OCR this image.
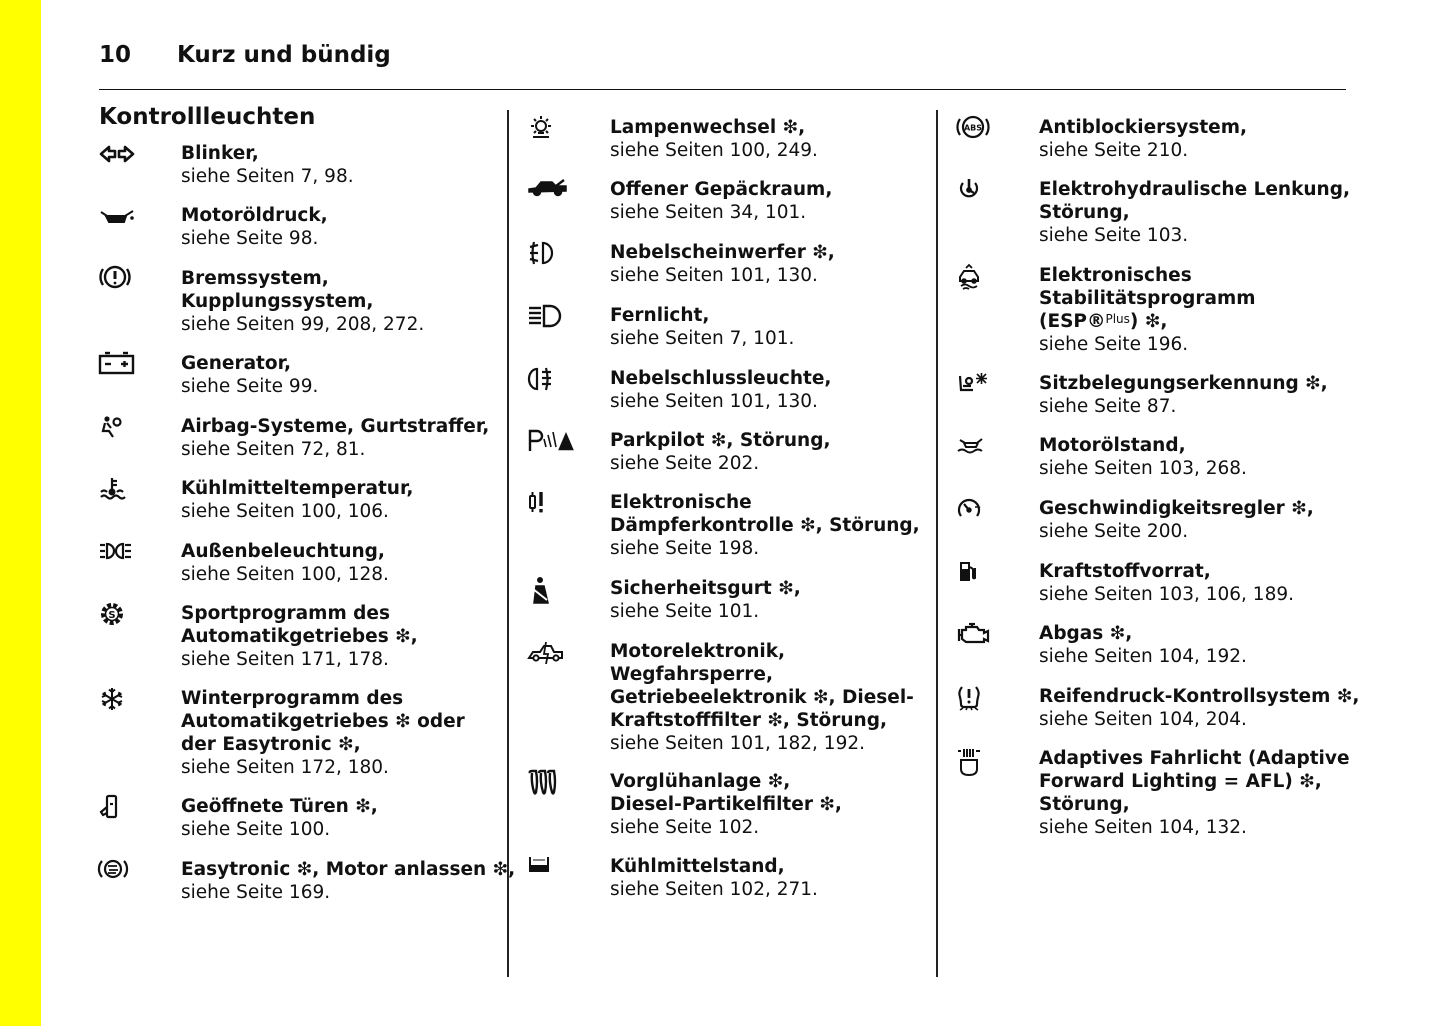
10 Kurz und bündig
Kontrollleuchten
Blinker,
siehe Seiten 7, 98.
Motoröldruck,
siehe Seite 98.
Bremssystem,
Kupplungssystem,
siehe Seiten 99, 208, 272.
Generator,
siehe Seite 99.
Airbag-Systeme, Gurtstraffer,
siehe Seiten 72, 81.
Kühlmitteltemperatur,
siehe Seiten 100, 106.
Außenbeleuchtung,
siehe Seiten 100, 128.
S	Sportprogramm des
Automatikgetriebes ❇,
siehe Seiten 171, 178.
Winterprogramm des
Automatikgetriebes ❇ oder
der Easytronic ❇,
siehe Seiten 172, 180.
Geöffnete Türen ❇,
siehe Seite 100.
Easytronic ❇, Motor anlassen ❇,
siehe Seite 169.
Lampenwechsel ❇,
siehe Seiten 100, 249.
Offener Gepäckraum,
siehe Seiten 34, 101.
Nebelscheinwerfer ❇,
siehe Seiten 101, 130.
Fernlicht,
siehe Seiten 7, 101.
Nebelschlussleuchte,
siehe Seiten 101, 130.
Parkpilot ❇, Störung,
siehe Seite 202.
Elektronische
Dämpferkontrolle ❇, Störung,
siehe Seite 198.
Sicherheitsgurt ❇,
siehe Seite 101.
Motorelektronik,
Wegfahrsperre,
Getriebeelektronik ❇, Diesel-
Kraftstofffilter ❇, Störung,
siehe Seiten 101, 182, 192.
Vorglühanlage ❇,
Diesel-Partikelfilter ❇,
siehe Seite 102.
Kühlmittelstand,
siehe Seiten 102, 271.
ABS	Antiblockiersystem,
siehe Seite 210.
Elektrohydraulische Lenkung,
Störung,
siehe Seite 103.
Elektronisches
Stabilitätsprogramm
(ESP®$^{Plus}$) ❇,
siehe Seite 196.
Sitzbelegungserkennung ❇,
siehe Seite 87.
Motorölstand,
siehe Seiten 103, 268.
Geschwindigkeitsregler ❇,
siehe Seite 200.
Kraftstoffvorrat,
siehe Seiten 103, 106, 189.
Abgas ❇,
siehe Seiten 104, 192.
Reifendruck-Kontrollsystem ❇,
siehe Seiten 104, 204.
Adaptives Fahrlicht (Adaptive
Forward Lighting = AFL) ❇,
Störung,
siehe Seiten 104, 132.
